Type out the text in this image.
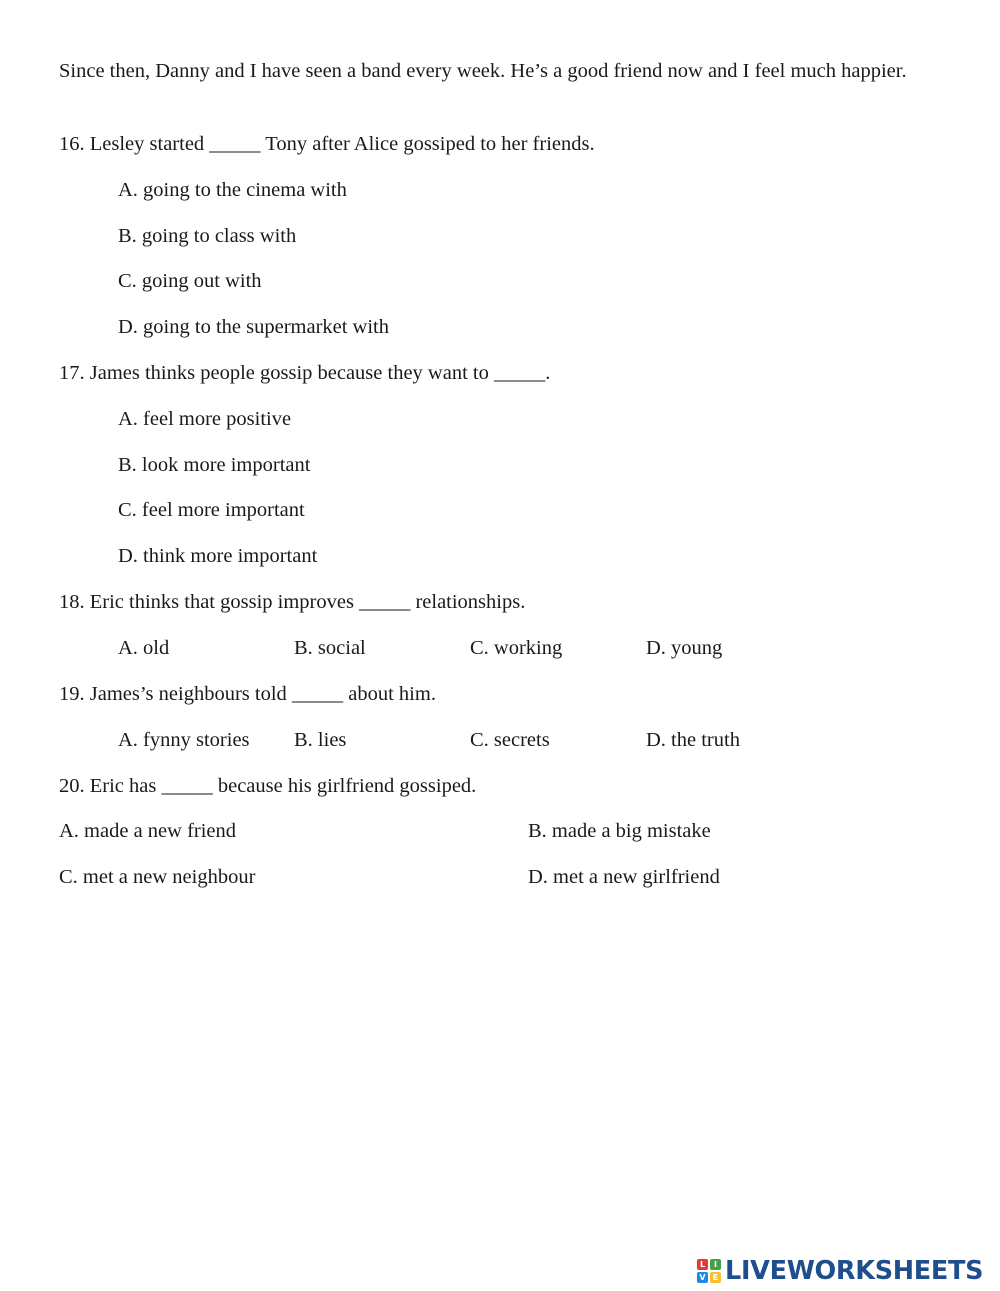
Since then, Danny and I have seen a band every week. He’s a good friend now and I feel much happier.
16. Lesley started _____ Tony after Alice gossiped to her friends.
A. going to the cinema with
B. going to class with
C. going out with
D. going to the supermarket with
17. James thinks people gossip because they want to _____.
A. feel more positive
B. look more important
C. feel more important
D. think more important
18. Eric thinks that gossip improves _____ relationships.
A. old	B. social	C. working	D. young
19. James’s neighbours told _____ about him.
A. fynny stories B. lies	C. secrets	D. the truth
20. Eric has _____ because his girlfriend gossiped.
A. made a new friend	B. made a big mistake
C. met a new neighbour	D. met a new girlfriend
L	I
V E LIVEWORKSHEETS
